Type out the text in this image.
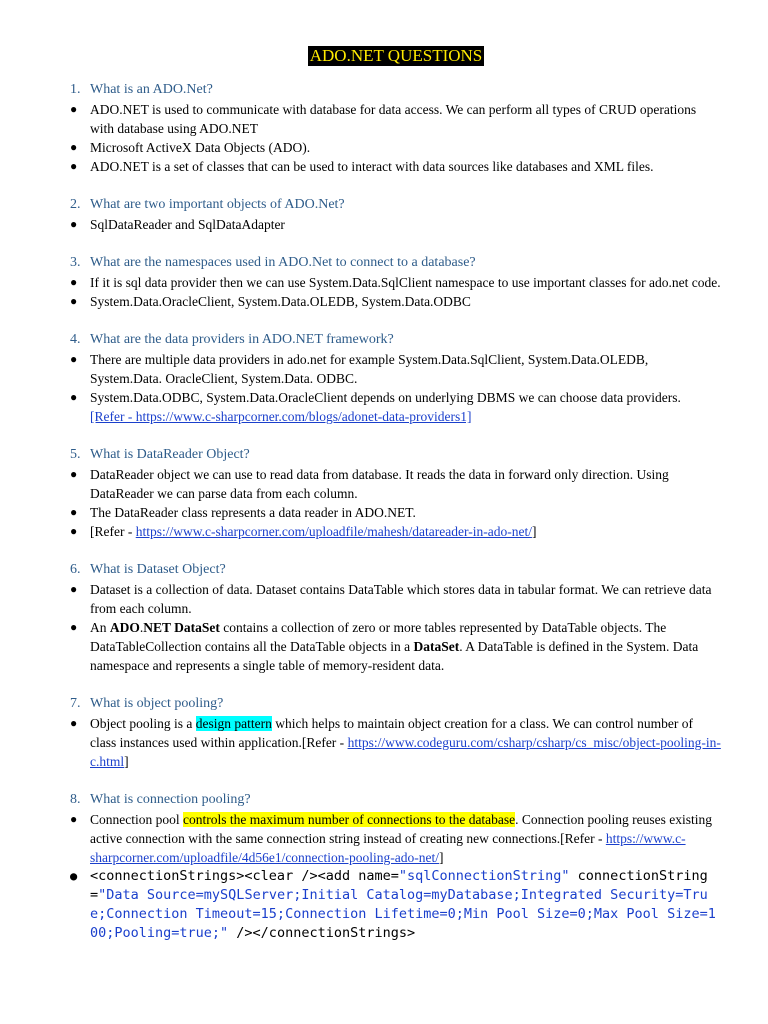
ADO.NET QUESTIONS

1. What is an ADO.Net?

● ADO.NET is used to communicate with database for data access. We can perform all types of CRUD operations with database using ADO.NET
● Microsoft ActiveX Data Objects (ADO).
● ADO.NET is a set of classes that can be used to interact with data sources like databases and XML files.

2. What are two important objects of ADO.Net?

● SqlDataReader and SqlDataAdapter

3. What are the namespaces used in ADO.Net to connect to a database?

● If it is sql data provider then we can use System.Data.SqlClient namespace to use important classes for ado.net code.
● System.Data.OracleClient, System.Data.OLEDB, System.Data.ODBC

4. What are the data providers in ADO.NET framework?

● There are multiple data providers in ado.net for example System.Data.SqlClient, System.Data.OLEDB, System.Data. OracleClient, System.Data. ODBC.
● System.Data.ODBC, System.Data.OracleClient depends on underlying DBMS we can choose data providers.
[Refer - https://www.c-sharpcorner.com/blogs/adonet-data-providers1]

5. What is DataReader Object?

● DataReader object we can use to read data from database. It reads the data in forward only direction. Using DataReader we can parse data from each column.
● The DataReader class represents a data reader in ADO.NET.
● [Refer - https://www.c-sharpcorner.com/uploadfile/mahesh/datareader-in-ado-net/]

6. What is Dataset Object?

● Dataset is a collection of data. Dataset contains DataTable which stores data in tabular format. We can retrieve data from each column.
● An ADO.NET DataSet contains a collection of zero or more tables represented by DataTable objects. The DataTableCollection contains all the DataTable objects in a DataSet. A DataTable is defined in the System. Data namespace and represents a single table of memory-resident data.

7. What is object pooling?

● Object pooling is a design pattern which helps to maintain object creation for a class. We can control number of class instances used within application.[Refer - https://www.codeguru.com/csharp/csharp/cs_misc/object-pooling-in-c.html]

8. What is connection pooling?

● Connection pool controls the maximum number of connections to the database. Connection pooling reuses existing active connection with the same connection string instead of creating new connections.[Refer - https://www.c-sharpcorner.com/uploadfile/4d56e1/connection-pooling-ado-net/]
● <connectionStrings><clear /><add name="sqlConnectionString" connectionString ="Data Source=mySQLServer;Initial Catalog=myDatabase;Integrated Security=True;Connection Timeout=15;Connection Lifetime=0;Min Pool Size=0;Max Pool Size=100;Pooling=true;" /></connectionStrings>
